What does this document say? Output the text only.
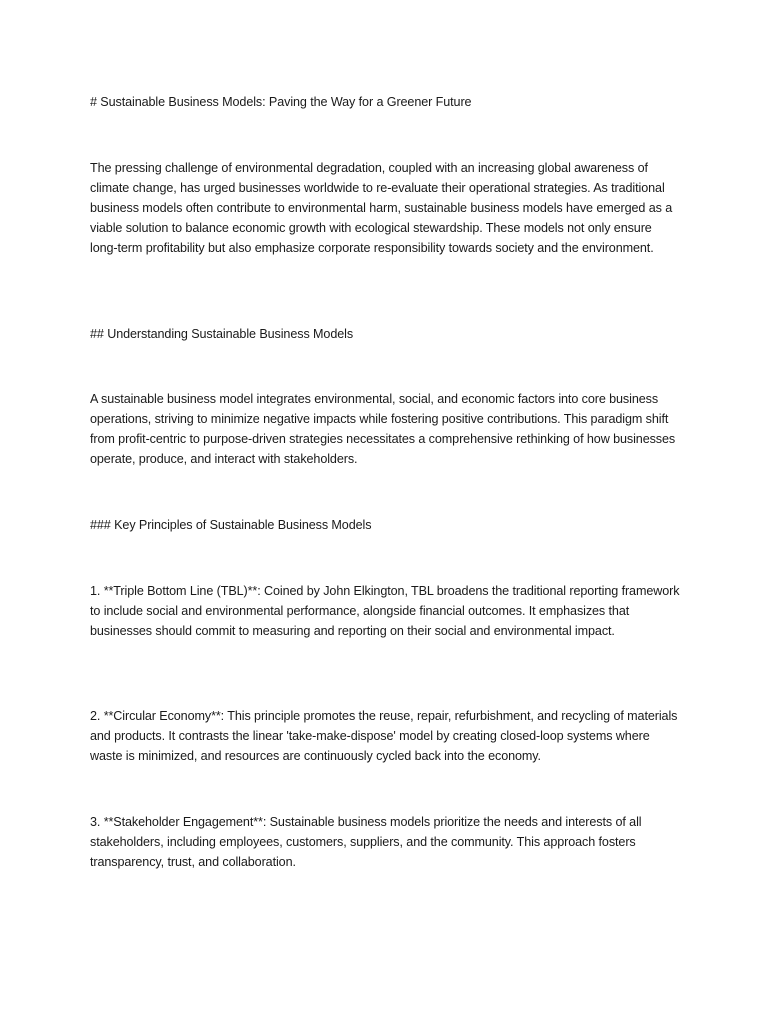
# Sustainable Business Models: Paving the Way for a Greener Future

The pressing challenge of environmental degradation, coupled with an increasing global awareness of climate change, has urged businesses worldwide to re-evaluate their operational strategies. As traditional business models often contribute to environmental harm, sustainable business models have emerged as a viable solution to balance economic growth with ecological stewardship. These models not only ensure long-term profitability but also emphasize corporate responsibility towards society and the environment.

## Understanding Sustainable Business Models

A sustainable business model integrates environmental, social, and economic factors into core business operations, striving to minimize negative impacts while fostering positive contributions. This paradigm shift from profit-centric to purpose-driven strategies necessitates a comprehensive rethinking of how businesses operate, produce, and interact with stakeholders.

### Key Principles of Sustainable Business Models

1. **Triple Bottom Line (TBL)**: Coined by John Elkington, TBL broadens the traditional reporting framework to include social and environmental performance, alongside financial outcomes. It emphasizes that businesses should commit to measuring and reporting on their social and environmental impact.

2. **Circular Economy**: This principle promotes the reuse, repair, refurbishment, and recycling of materials and products. It contrasts the linear 'take-make-dispose' model by creating closed-loop systems where waste is minimized, and resources are continuously cycled back into the economy.

3. **Stakeholder Engagement**: Sustainable business models prioritize the needs and interests of all stakeholders, including employees, customers, suppliers, and the community. This approach fosters transparency, trust, and collaboration.
